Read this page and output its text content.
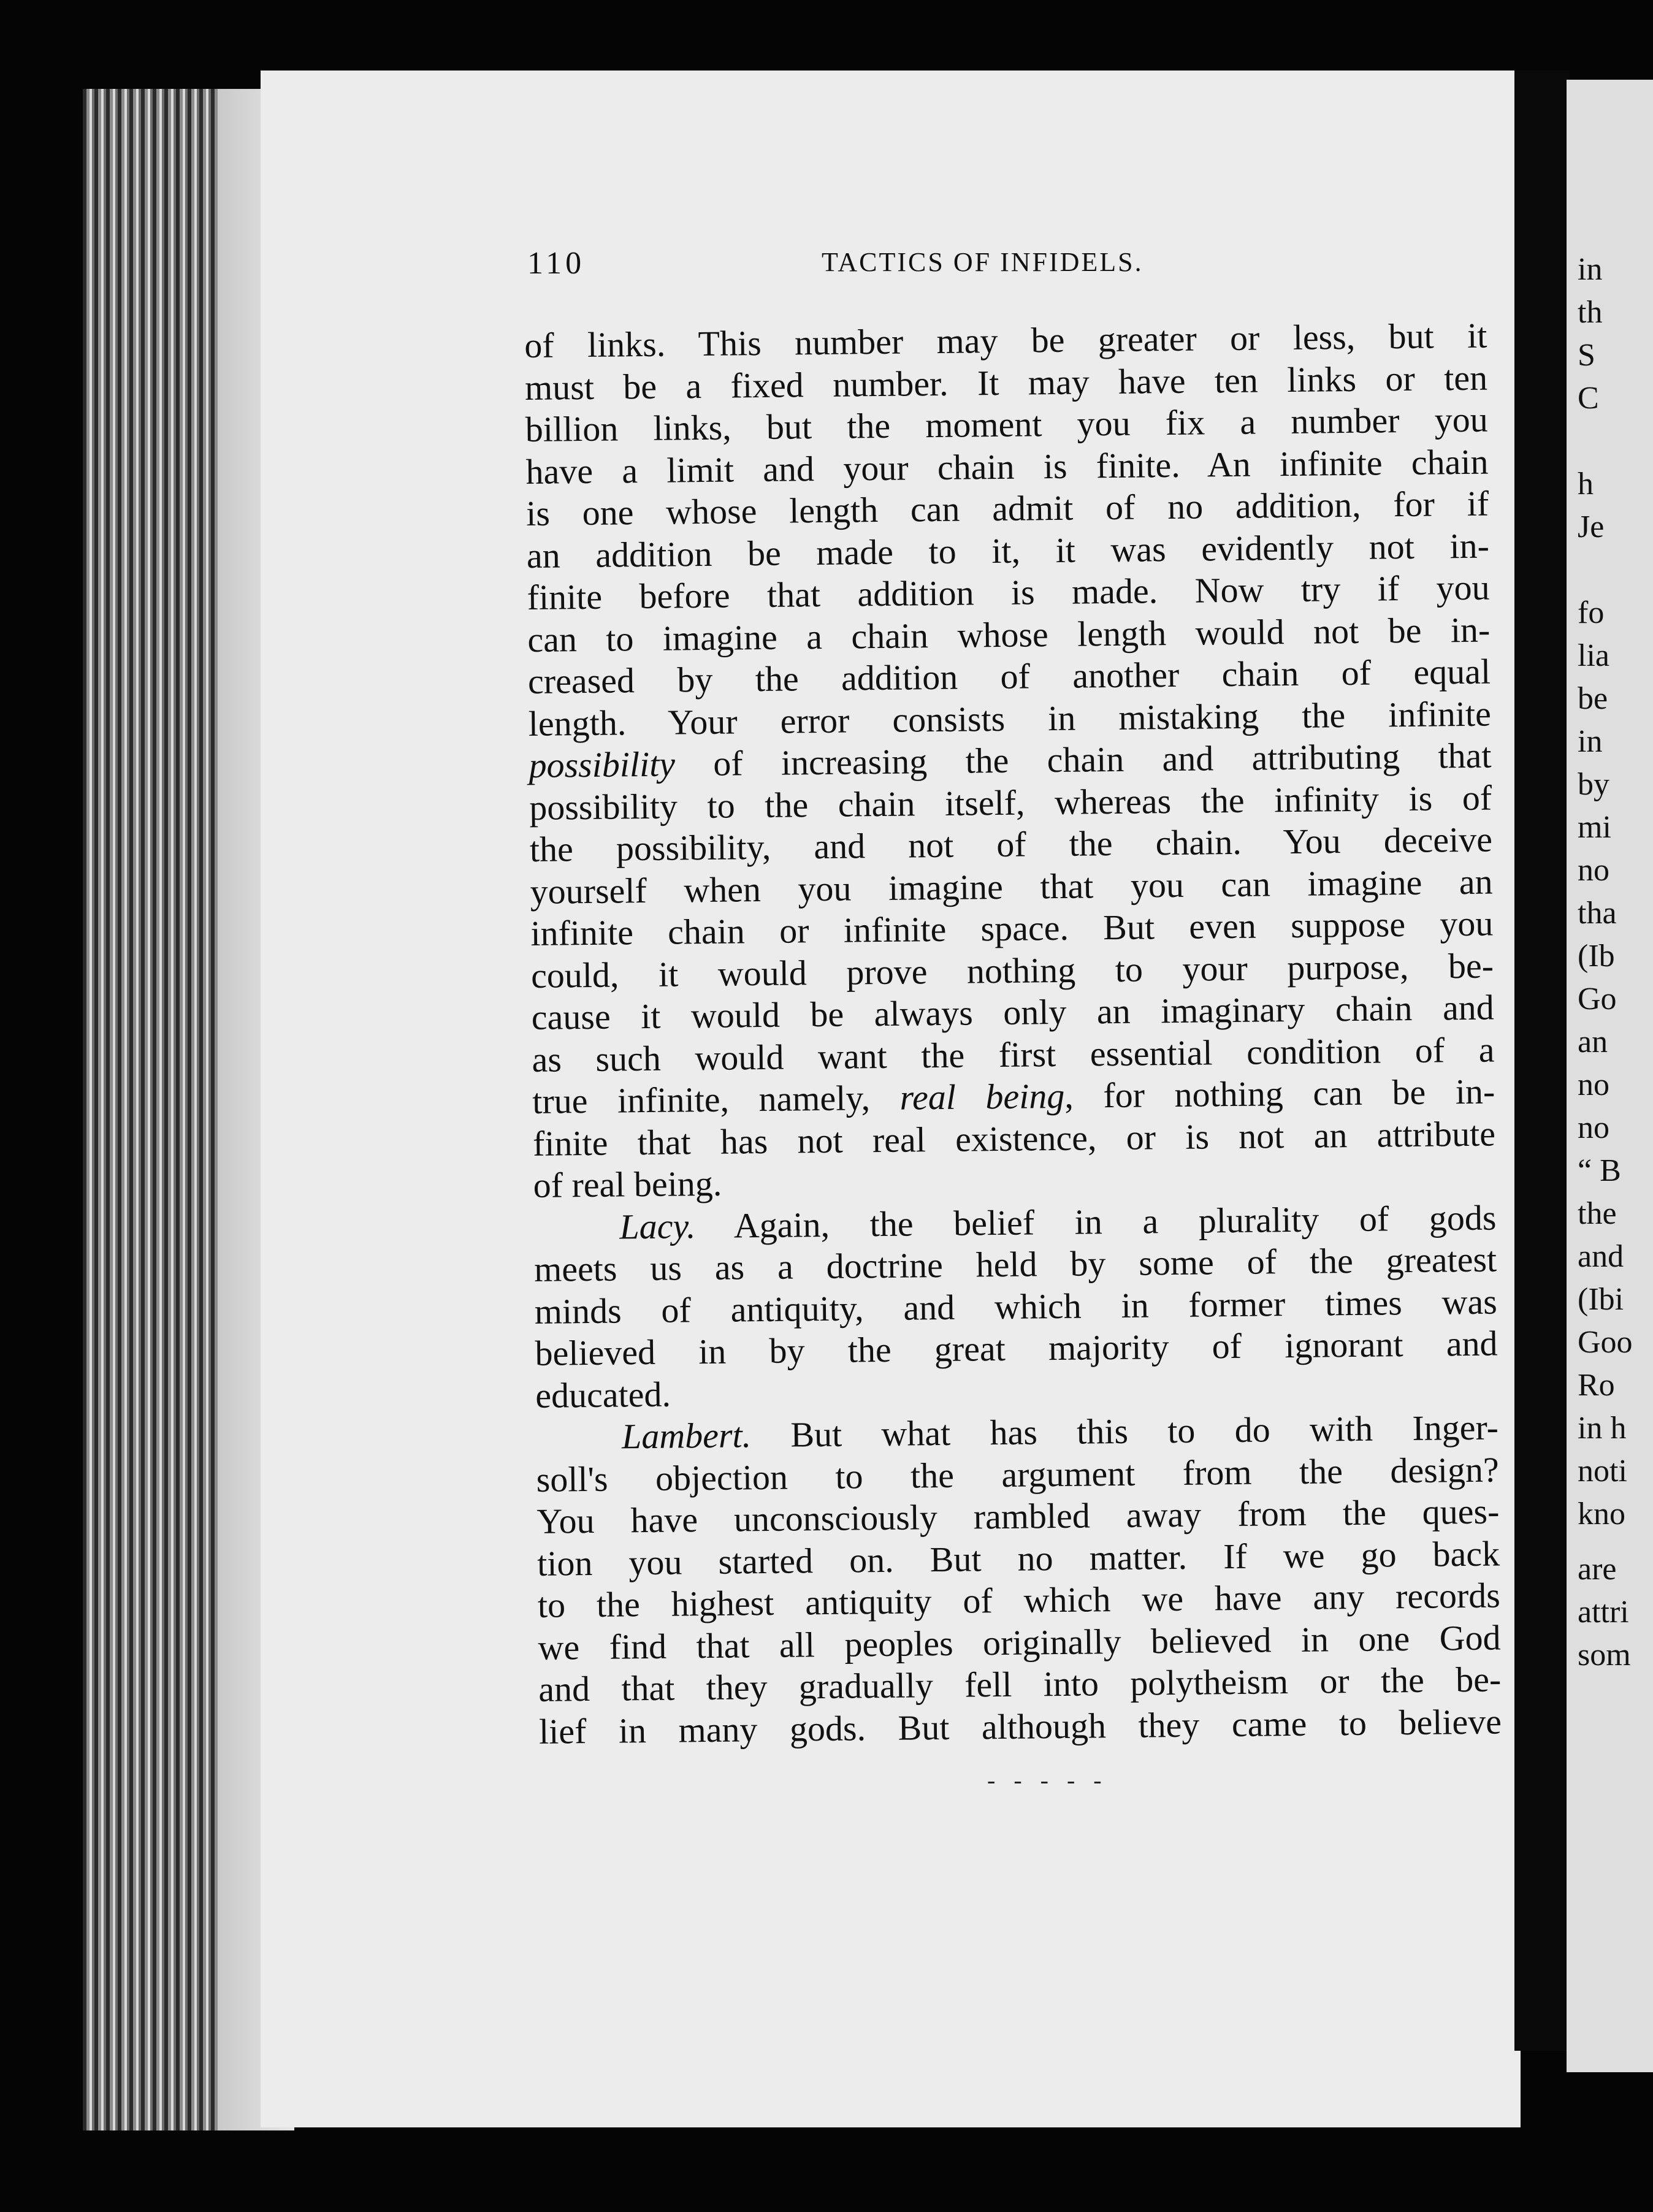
in
th
S
C
h
Je
fo
lia
be
in
by
mi
no
tha
(Ib
Go
an
no
no
“ B
the
and
(Ibi
Goo
Ro
in h
noti
kno
are
attri
som
110	TACTICS OF INFIDELS.
of links. This number may be greater or less, but it
must be a fixed number. It may have ten links or ten
billion links, but the moment you fix a number you
have a limit and your chain is finite. An infinite chain
is one whose length can admit of no addition, for if
an addition be made to it, it was evidently not in-
finite before that addition is made. Now try if you
can to imagine a chain whose length would not be in-
creased by the addition of another chain of equal
length. Your error consists in mistaking the infinite
possibility of increasing the chain and attributing that
possibility to the chain itself, whereas the infinity is of
the possibility, and not of the chain. You deceive
yourself when you imagine that you can imagine an
infinite chain or infinite space. But even suppose you
could, it would prove nothing to your purpose, be-
cause it would be always only an imaginary chain and
as such would want the first essential condition of a
true infinite, namely, real being, for nothing can be in-
finite that has not real existence, or is not an attribute
of real being.
Lacy. Again, the belief in a plurality of gods
meets us as a doctrine held by some of the greatest
minds of antiquity, and which in former times was
believed in by the great majority of ignorant and
educated.
Lambert. But what has this to do with Inger-
soll's objection to the argument from the design?
You have unconsciously rambled away from the ques-
tion you started on. But no matter. If we go back
to the highest antiquity of which we have any records
we find that all peoples originally believed in one God
and that they gradually fell into polytheism or the be-
lief in many gods. But although they came to believe
- - - - -
